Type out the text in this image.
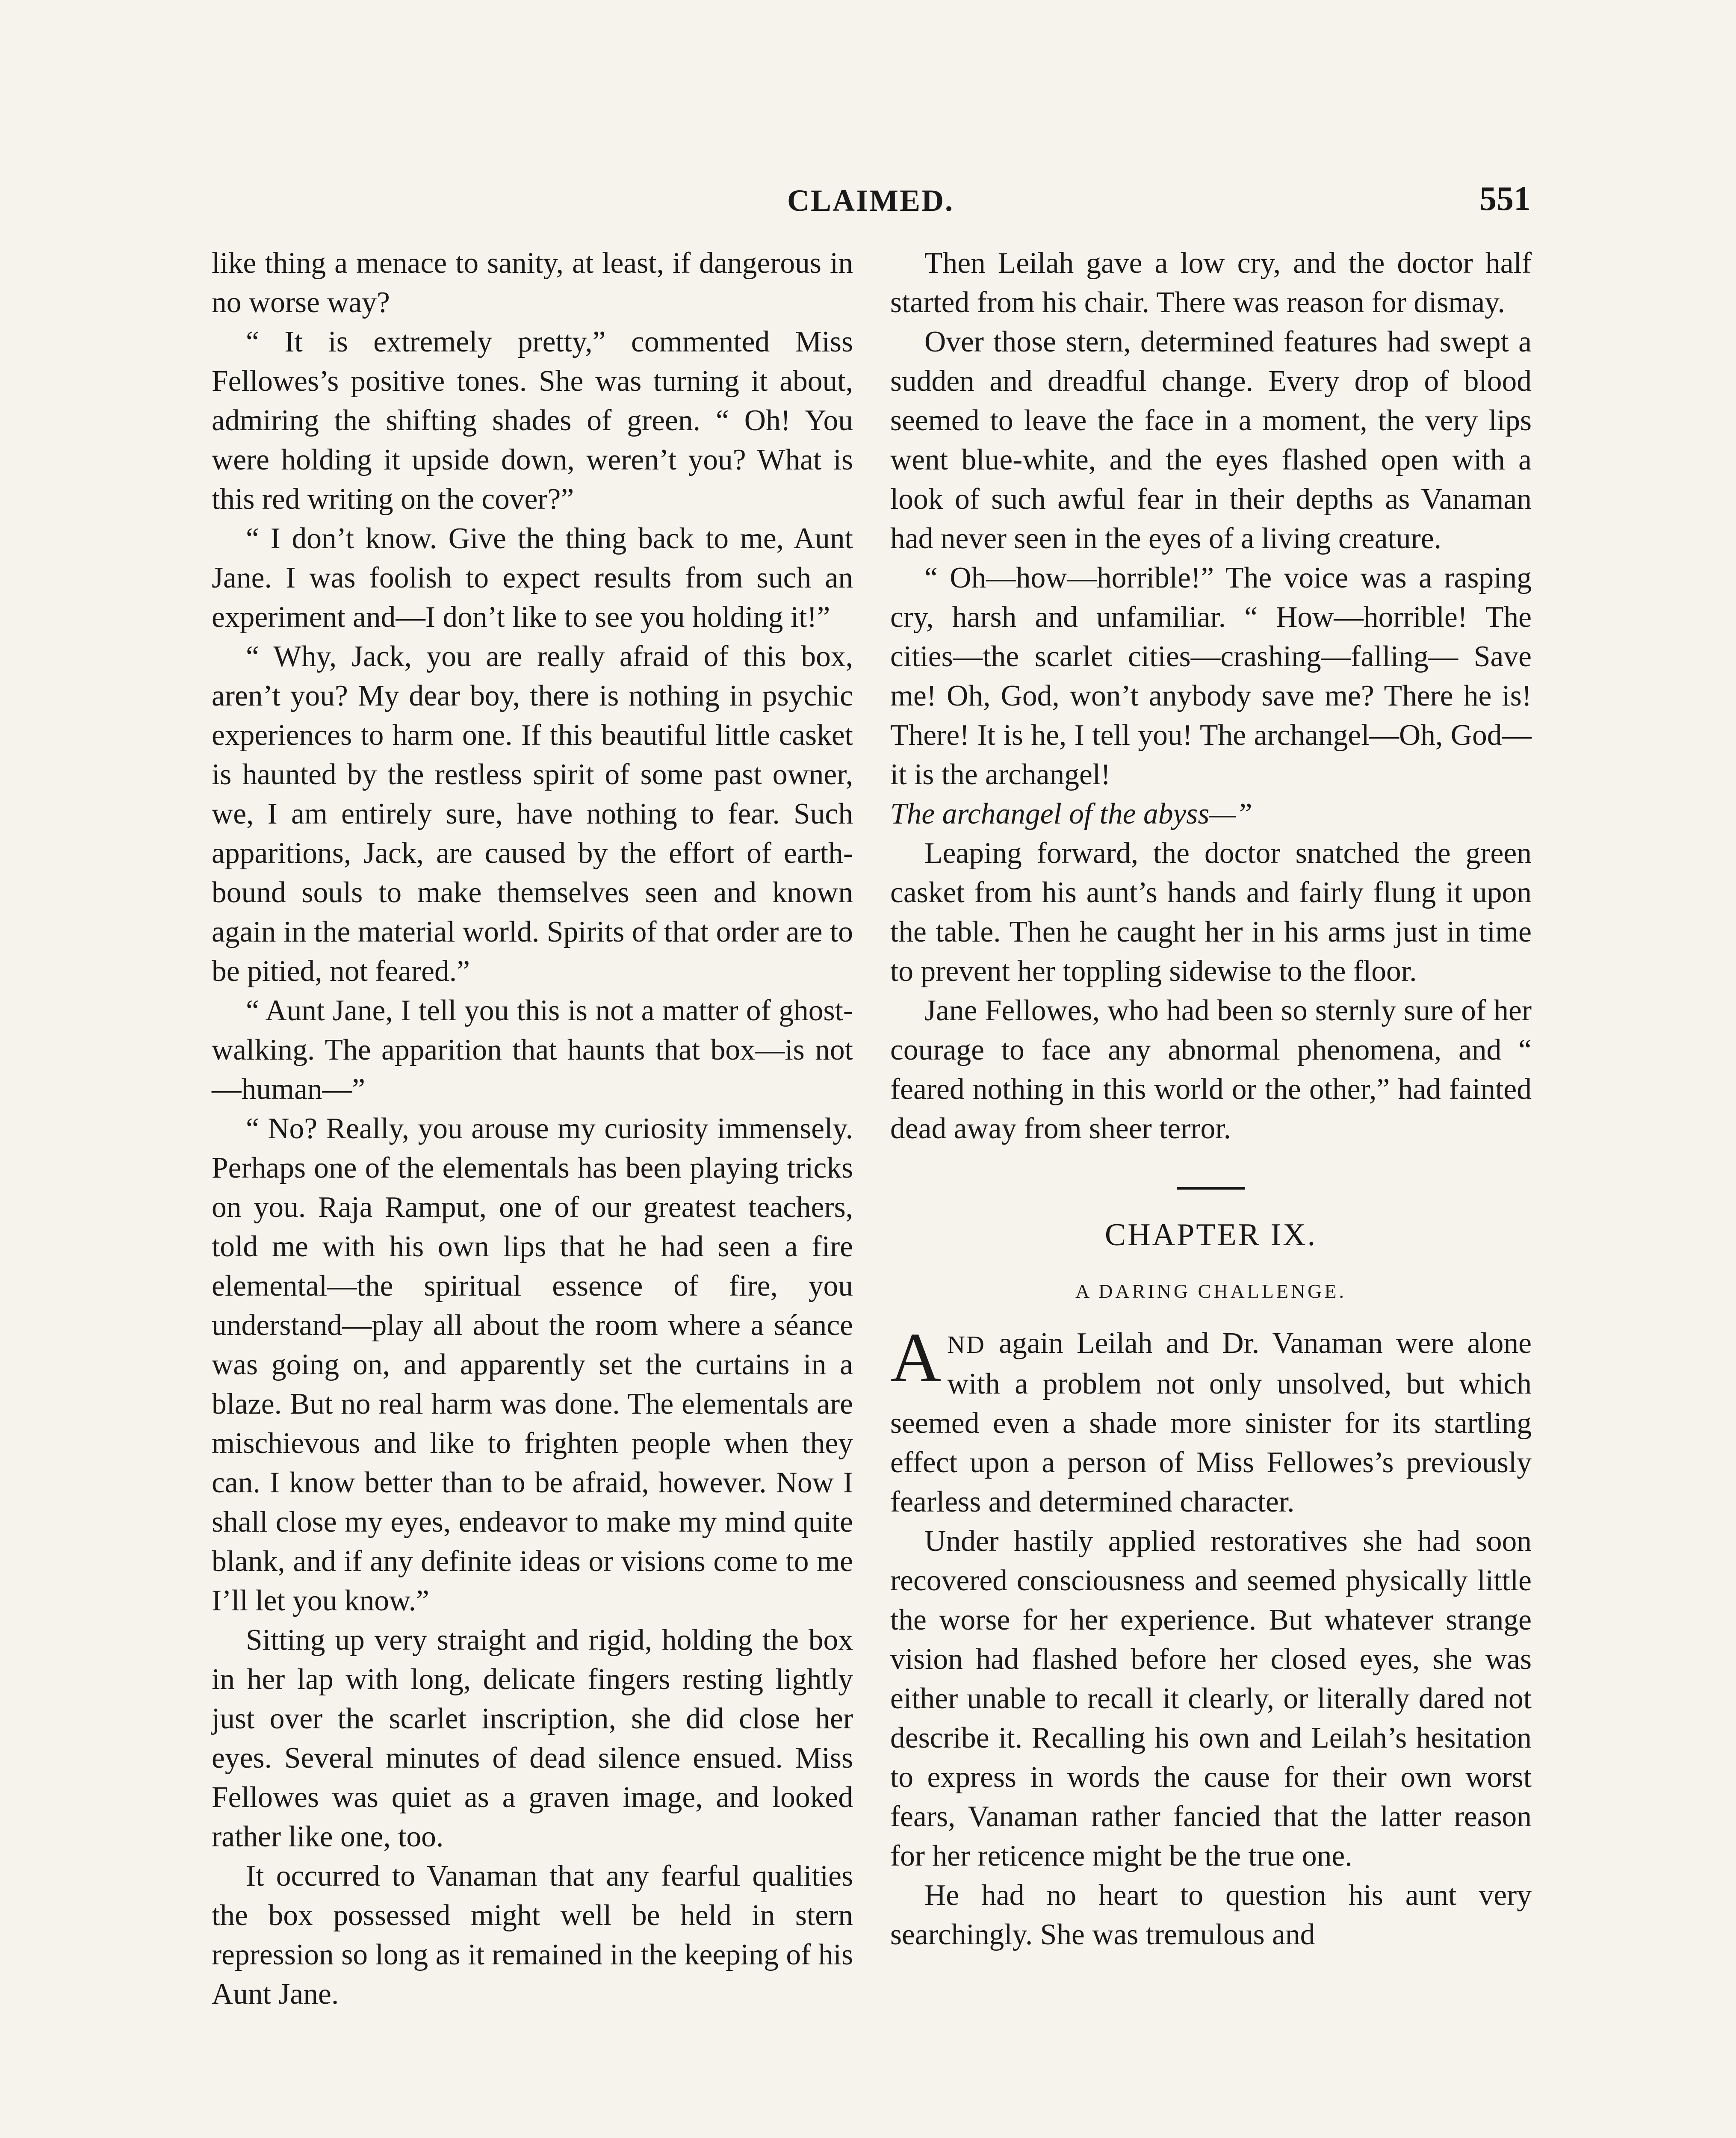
CLAIMED.	551

like thing a menace to sanity, at least, if dangerous in no worse way?

“ It is extremely pretty,” commented Miss Fellowes’s positive tones. She was turning it about, admiring the shifting shades of green. “ Oh! You were holding it upside down, weren’t you? What is this red writing on the cover?”

“ I don’t know. Give the thing back to me, Aunt Jane. I was foolish to expect results from such an experiment and—I don’t like to see you holding it!”

“ Why, Jack, you are really afraid of this box, aren’t you? My dear boy, there is nothing in psychic experiences to harm one. If this beautiful little casket is haunted by the restless spirit of some past owner, we, I am entirely sure, have nothing to fear. Such apparitions, Jack, are caused by the effort of earth-bound souls to make themselves seen and known again in the material world. Spirits of that order are to be pitied, not feared.”

“ Aunt Jane, I tell you this is not a matter of ghost-walking. The apparition that haunts that box—is not—human—”

“ No? Really, you arouse my curiosity immensely. Perhaps one of the elementals has been playing tricks on you. Raja Ramput, one of our greatest teachers, told me with his own lips that he had seen a fire elemental—the spiritual essence of fire, you understand—play all about the room where a séance was going on, and apparently set the curtains in a blaze. But no real harm was done. The elementals are mischievous and like to frighten people when they can. I know better than to be afraid, however. Now I shall close my eyes, endeavor to make my mind quite blank, and if any definite ideas or visions come to me I’ll let you know.”

Sitting up very straight and rigid, holding the box in her lap with long, delicate fingers resting lightly just over the scarlet inscription, she did close her eyes. Several minutes of dead silence ensued. Miss Fellowes was quiet as a graven image, and looked rather like one, too.

It occurred to Vanaman that any fearful qualities the box possessed might well be held in stern repression so long as it remained in the keeping of his Aunt Jane.

Then Leilah gave a low cry, and the doctor half started from his chair. There was reason for dismay.

Over those stern, determined features had swept a sudden and dreadful change. Every drop of blood seemed to leave the face in a moment, the very lips went blue-white, and the eyes flashed open with a look of such awful fear in their depths as Vanaman had never seen in the eyes of a living creature.

“ Oh—how—horrible!” The voice was a rasping cry, harsh and unfamiliar. “ How—horrible! The cities—the scarlet cities—crashing—falling— Save me! Oh, God, won’t anybody save me? There he is! There! It is he, I tell you! The archangel—Oh, God—it is the archangel!

The archangel of the abyss—”

Leaping forward, the doctor snatched the green casket from his aunt’s hands and fairly flung it upon the table. Then he caught her in his arms just in time to prevent her toppling sidewise to the floor.

Jane Fellowes, who had been so sternly sure of her courage to face any abnormal phenomena, and “ feared nothing in this world or the other,” had fainted dead away from sheer terror.

CHAPTER IX.
A DARING CHALLENGE.

AND again Leilah and Dr. Vanaman were alone with a problem not only unsolved, but which seemed even a shade more sinister for its startling effect upon a person of Miss Fellowes’s previously fearless and determined character.

Under hastily applied restoratives she had soon recovered consciousness and seemed physically little the worse for her experience. But whatever strange vision had flashed before her closed eyes, she was either unable to recall it clearly, or literally dared not describe it. Recalling his own and Leilah’s hesitation to express in words the cause for their own worst fears, Vanaman rather fancied that the latter reason for her reticence might be the true one.

He had no heart to question his aunt very searchingly. She was tremulous and
